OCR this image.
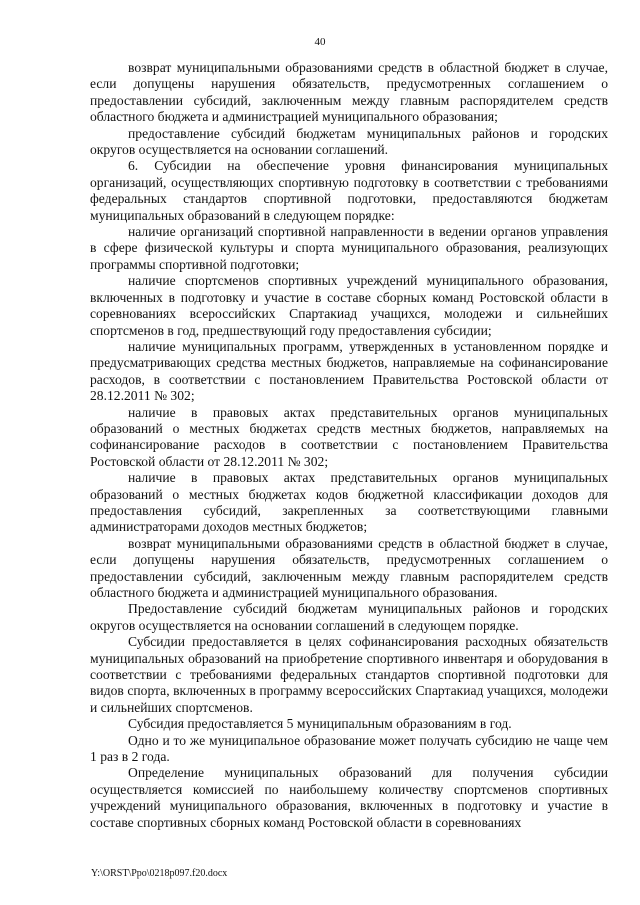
40

возврат муниципальными образованиями средств в областной бюджет в случае, если допущены нарушения обязательств, предусмотренных соглашением о предоставлении субсидий, заключенным между главным распорядителем средств областного бюджета и администрацией муниципального образования;

предоставление субсидий бюджетам муниципальных районов и городских округов осуществляется на основании соглашений.

6. Субсидии на обеспечение уровня финансирования муниципальных организаций, осуществляющих спортивную подготовку в соответствии с требованиями федеральных стандартов спортивной подготовки, предоставляются бюджетам муниципальных образований в следующем порядке:

наличие организаций спортивной направленности в ведении органов управления в сфере физической культуры и спорта муниципального образования, реализующих программы спортивной подготовки;

наличие спортсменов спортивных учреждений муниципального образования, включенных в подготовку и участие в составе сборных команд Ростовской области в соревнованиях всероссийских Спартакиад учащихся, молодежи и сильнейших спортсменов в год, предшествующий году предоставления субсидии;

наличие муниципальных программ, утвержденных в установленном порядке и предусматривающих средства местных бюджетов, направляемые на софинансирование расходов, в соответствии с постановлением Правительства Ростовской области от 28.12.2011 № 302;

наличие в правовых актах представительных органов муниципальных образований о местных бюджетах средств местных бюджетов, направляемых на софинансирование расходов в соответствии с постановлением Правительства Ростовской области от 28.12.2011 № 302;

наличие в правовых актах представительных органов муниципальных образований о местных бюджетах кодов бюджетной классификации доходов для предоставления субсидий, закрепленных за соответствующими главными администраторами доходов местных бюджетов;

возврат муниципальными образованиями средств в областной бюджет в случае, если допущены нарушения обязательств, предусмотренных соглашением о предоставлении субсидий, заключенным между главным распорядителем средств областного бюджета и администрацией муниципального образования.

Предоставление субсидий бюджетам муниципальных районов и городских округов осуществляется на основании соглашений в следующем порядке.

Субсидии предоставляется в целях софинансирования расходных обязательств муниципальных образований на приобретение спортивного инвентаря и оборудования в соответствии с требованиями федеральных стандартов спортивной подготовки для видов спорта, включенных в программу всероссийских Спартакиад учащихся, молодежи и сильнейших спортсменов.

Субсидия предоставляется 5 муниципальным образованиям в год.

Одно и то же муниципальное образование может получать субсидию не чаще чем 1 раз в 2 года.

Определение муниципальных образований для получения субсидии осуществляется комиссией по наибольшему количеству спортсменов спортивных учреждений муниципального образования, включенных в подготовку и участие в составе спортивных сборных команд Ростовской области в соревнованиях

Y:\ORST\Ppo\0218p097.f20.docx
